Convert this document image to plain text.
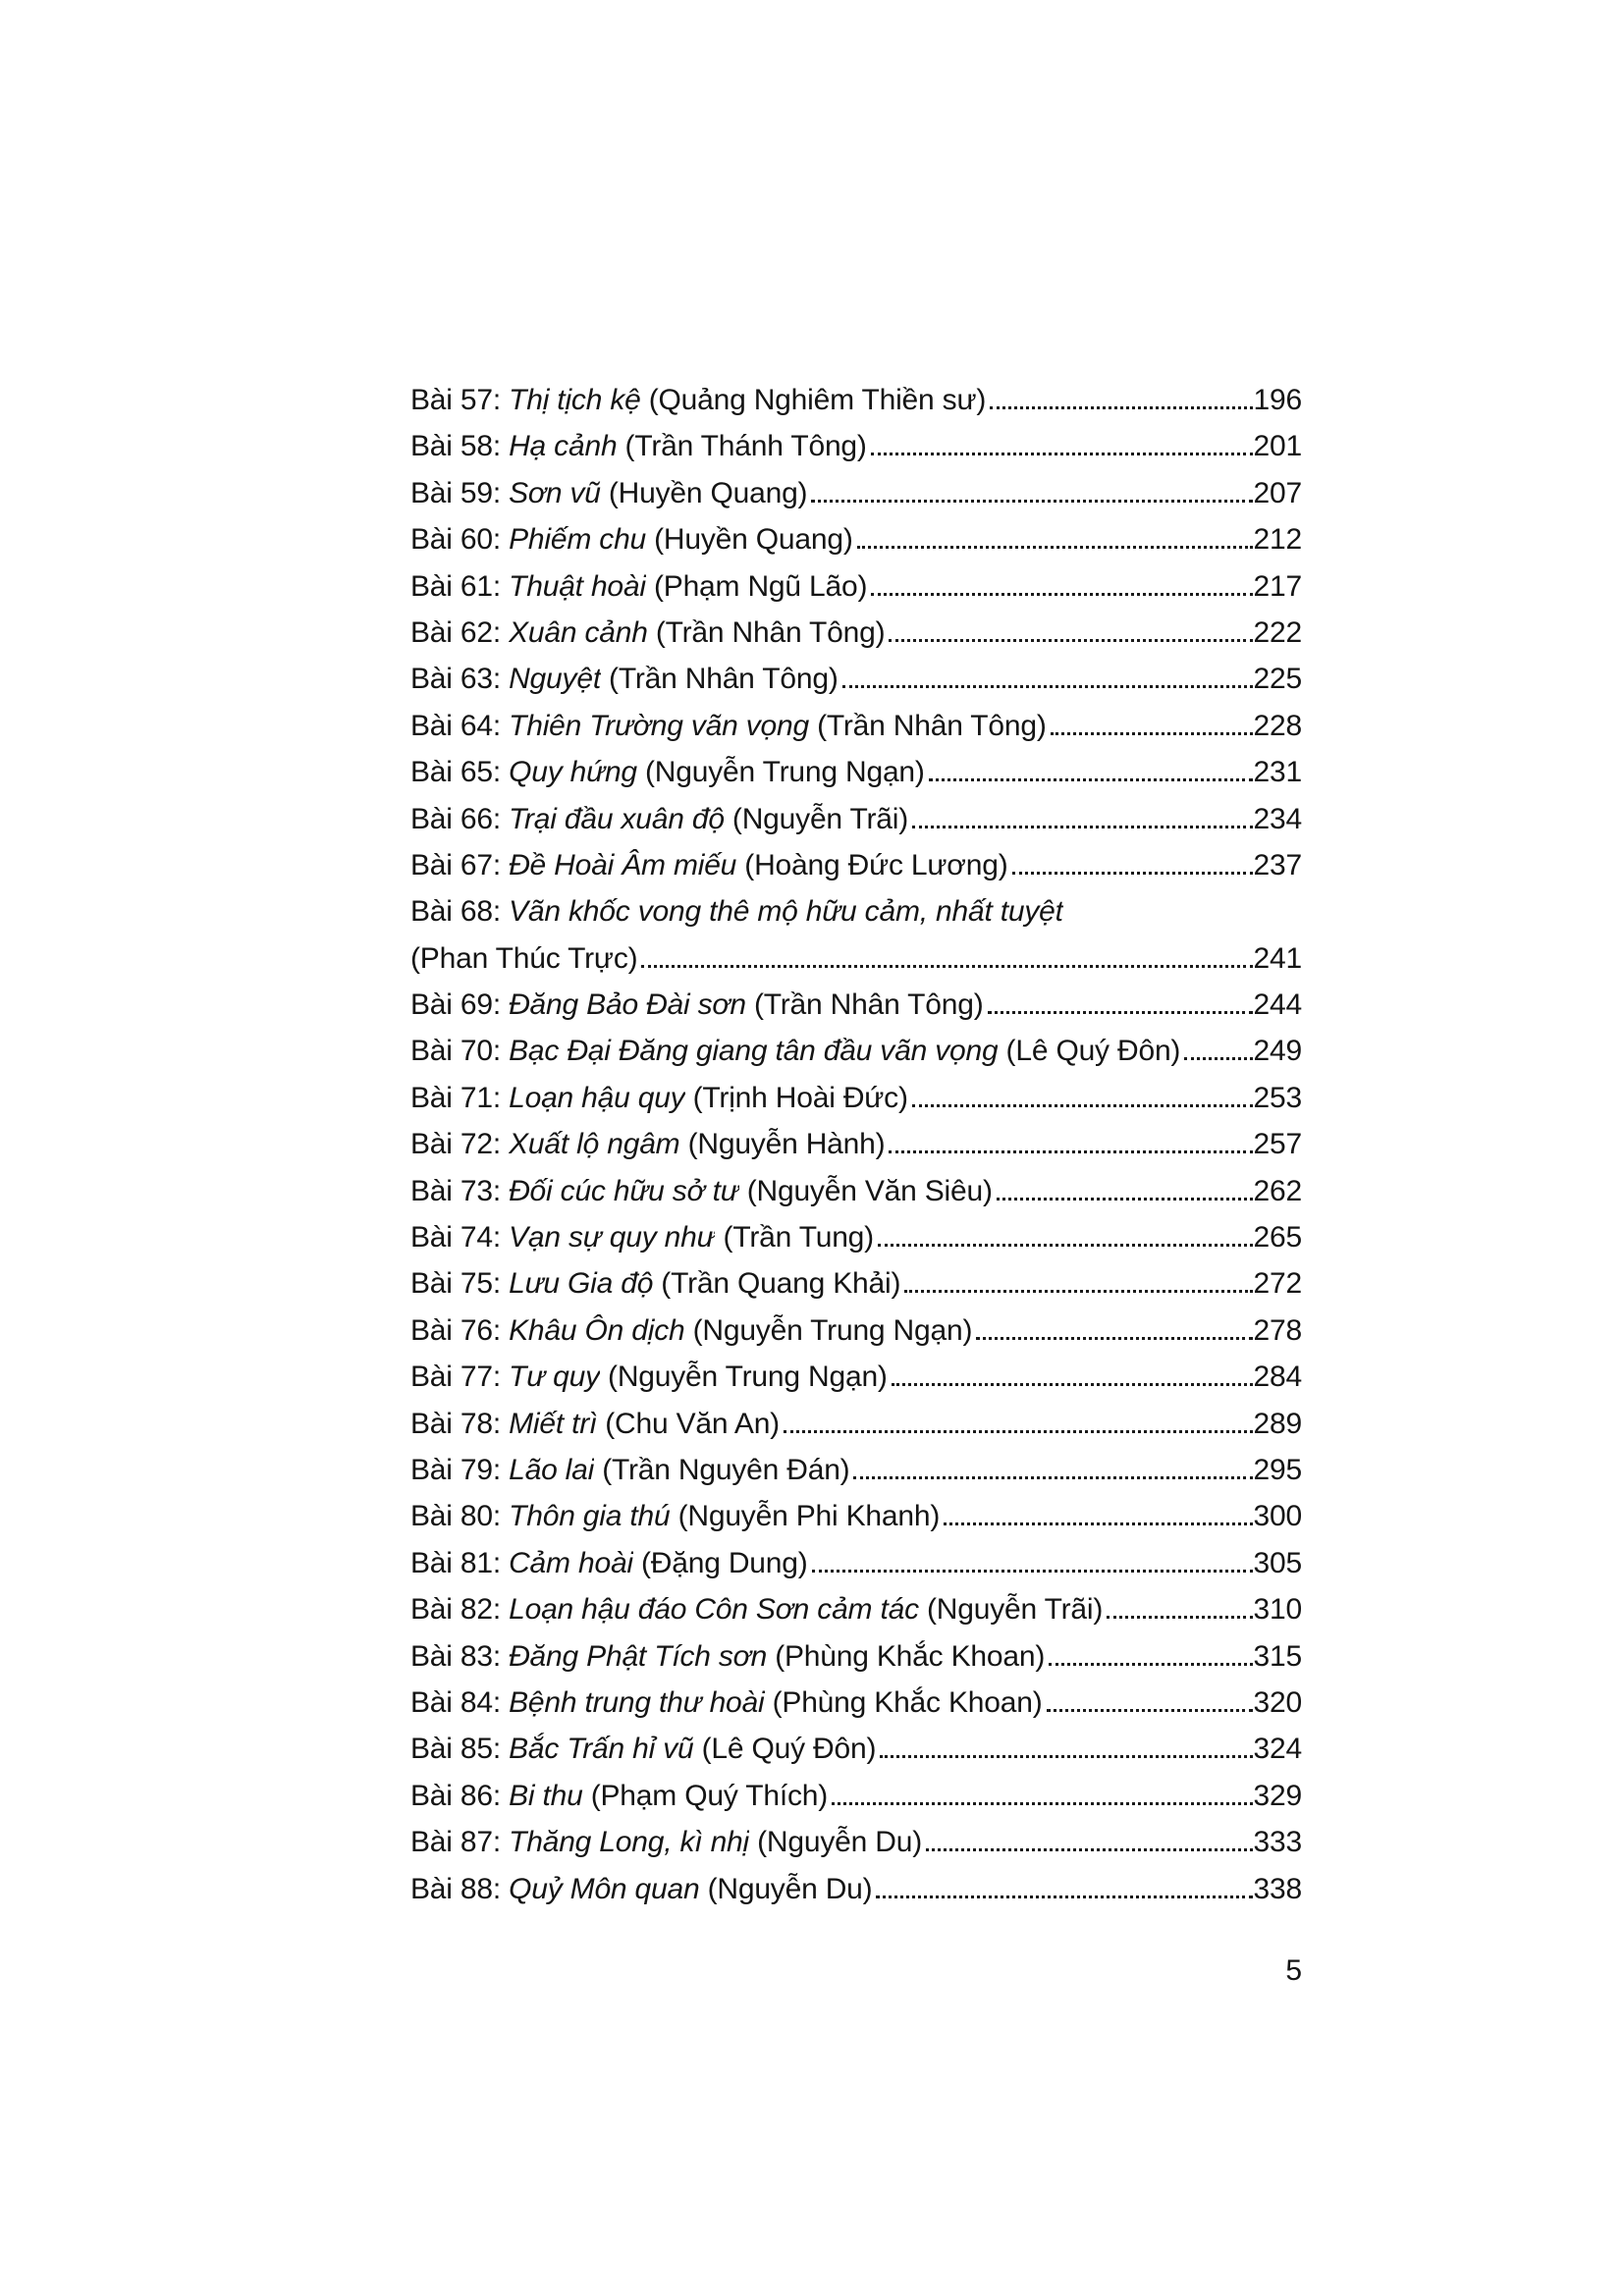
Bài 57: Thị tịch kệ (Quảng Nghiêm Thiền sư)	196
Bài 58: Hạ cảnh (Trần Thánh Tông)	201
Bài 59: Sơn vũ (Huyền Quang)	207
Bài 60: Phiếm chu (Huyền Quang)	212
Bài 61: Thuật hoài (Phạm Ngũ Lão)	217
Bài 62: Xuân cảnh (Trần Nhân Tông)	222
Bài 63: Nguyệt (Trần Nhân Tông)	225
Bài 64: Thiên Trường vãn vọng (Trần Nhân Tông)	228
Bài 65: Quy hứng (Nguyễn Trung Ngạn)	231
Bài 66: Trại đầu xuân độ (Nguyễn Trãi)	234
Bài 67: Đề Hoài Âm miếu (Hoàng Đức Lương)	237
Bài 68: Vãn khốc vong thê mộ hữu cảm, nhất tuyệt
(Phan Thúc Trực)	241
Bài 69: Đăng Bảo Đài sơn (Trần Nhân Tông)	244
Bài 70: Bạc Đại Đăng giang tân đầu vãn vọng (Lê Quý Đôn) 249
Bài 71: Loạn hậu quy (Trịnh Hoài Đức)	253
Bài 72: Xuất lộ ngâm (Nguyễn Hành)	257
Bài 73: Đối cúc hữu sở tư (Nguyễn Văn Siêu)	262
Bài 74: Vạn sự quy như (Trần Tung)	265
Bài 75: Lưu Gia độ (Trần Quang Khải)	272
Bài 76: Khâu Ôn dịch (Nguyễn Trung Ngạn)	278
Bài 77: Tư quy (Nguyễn Trung Ngạn)	284
Bài 78: Miết trì (Chu Văn An)	289
Bài 79: Lão lai (Trần Nguyên Đán)	295
Bài 80: Thôn gia thú (Nguyễn Phi Khanh)	300
Bài 81: Cảm hoài (Đặng Dung)	305
Bài 82: Loạn hậu đáo Côn Sơn cảm tác (Nguyễn Trãi)	310
Bài 83: Đăng Phật Tích sơn (Phùng Khắc Khoan)	315
Bài 84: Bệnh trung thư hoài (Phùng Khắc Khoan)	320
Bài 85: Bắc Trấn hỉ vũ (Lê Quý Đôn)	324
Bài 86: Bi thu (Phạm Quý Thích)	329
Bài 87: Thăng Long, kì nhị (Nguyễn Du)	333
Bài 88: Quỷ Môn quan (Nguyễn Du)	338
5
